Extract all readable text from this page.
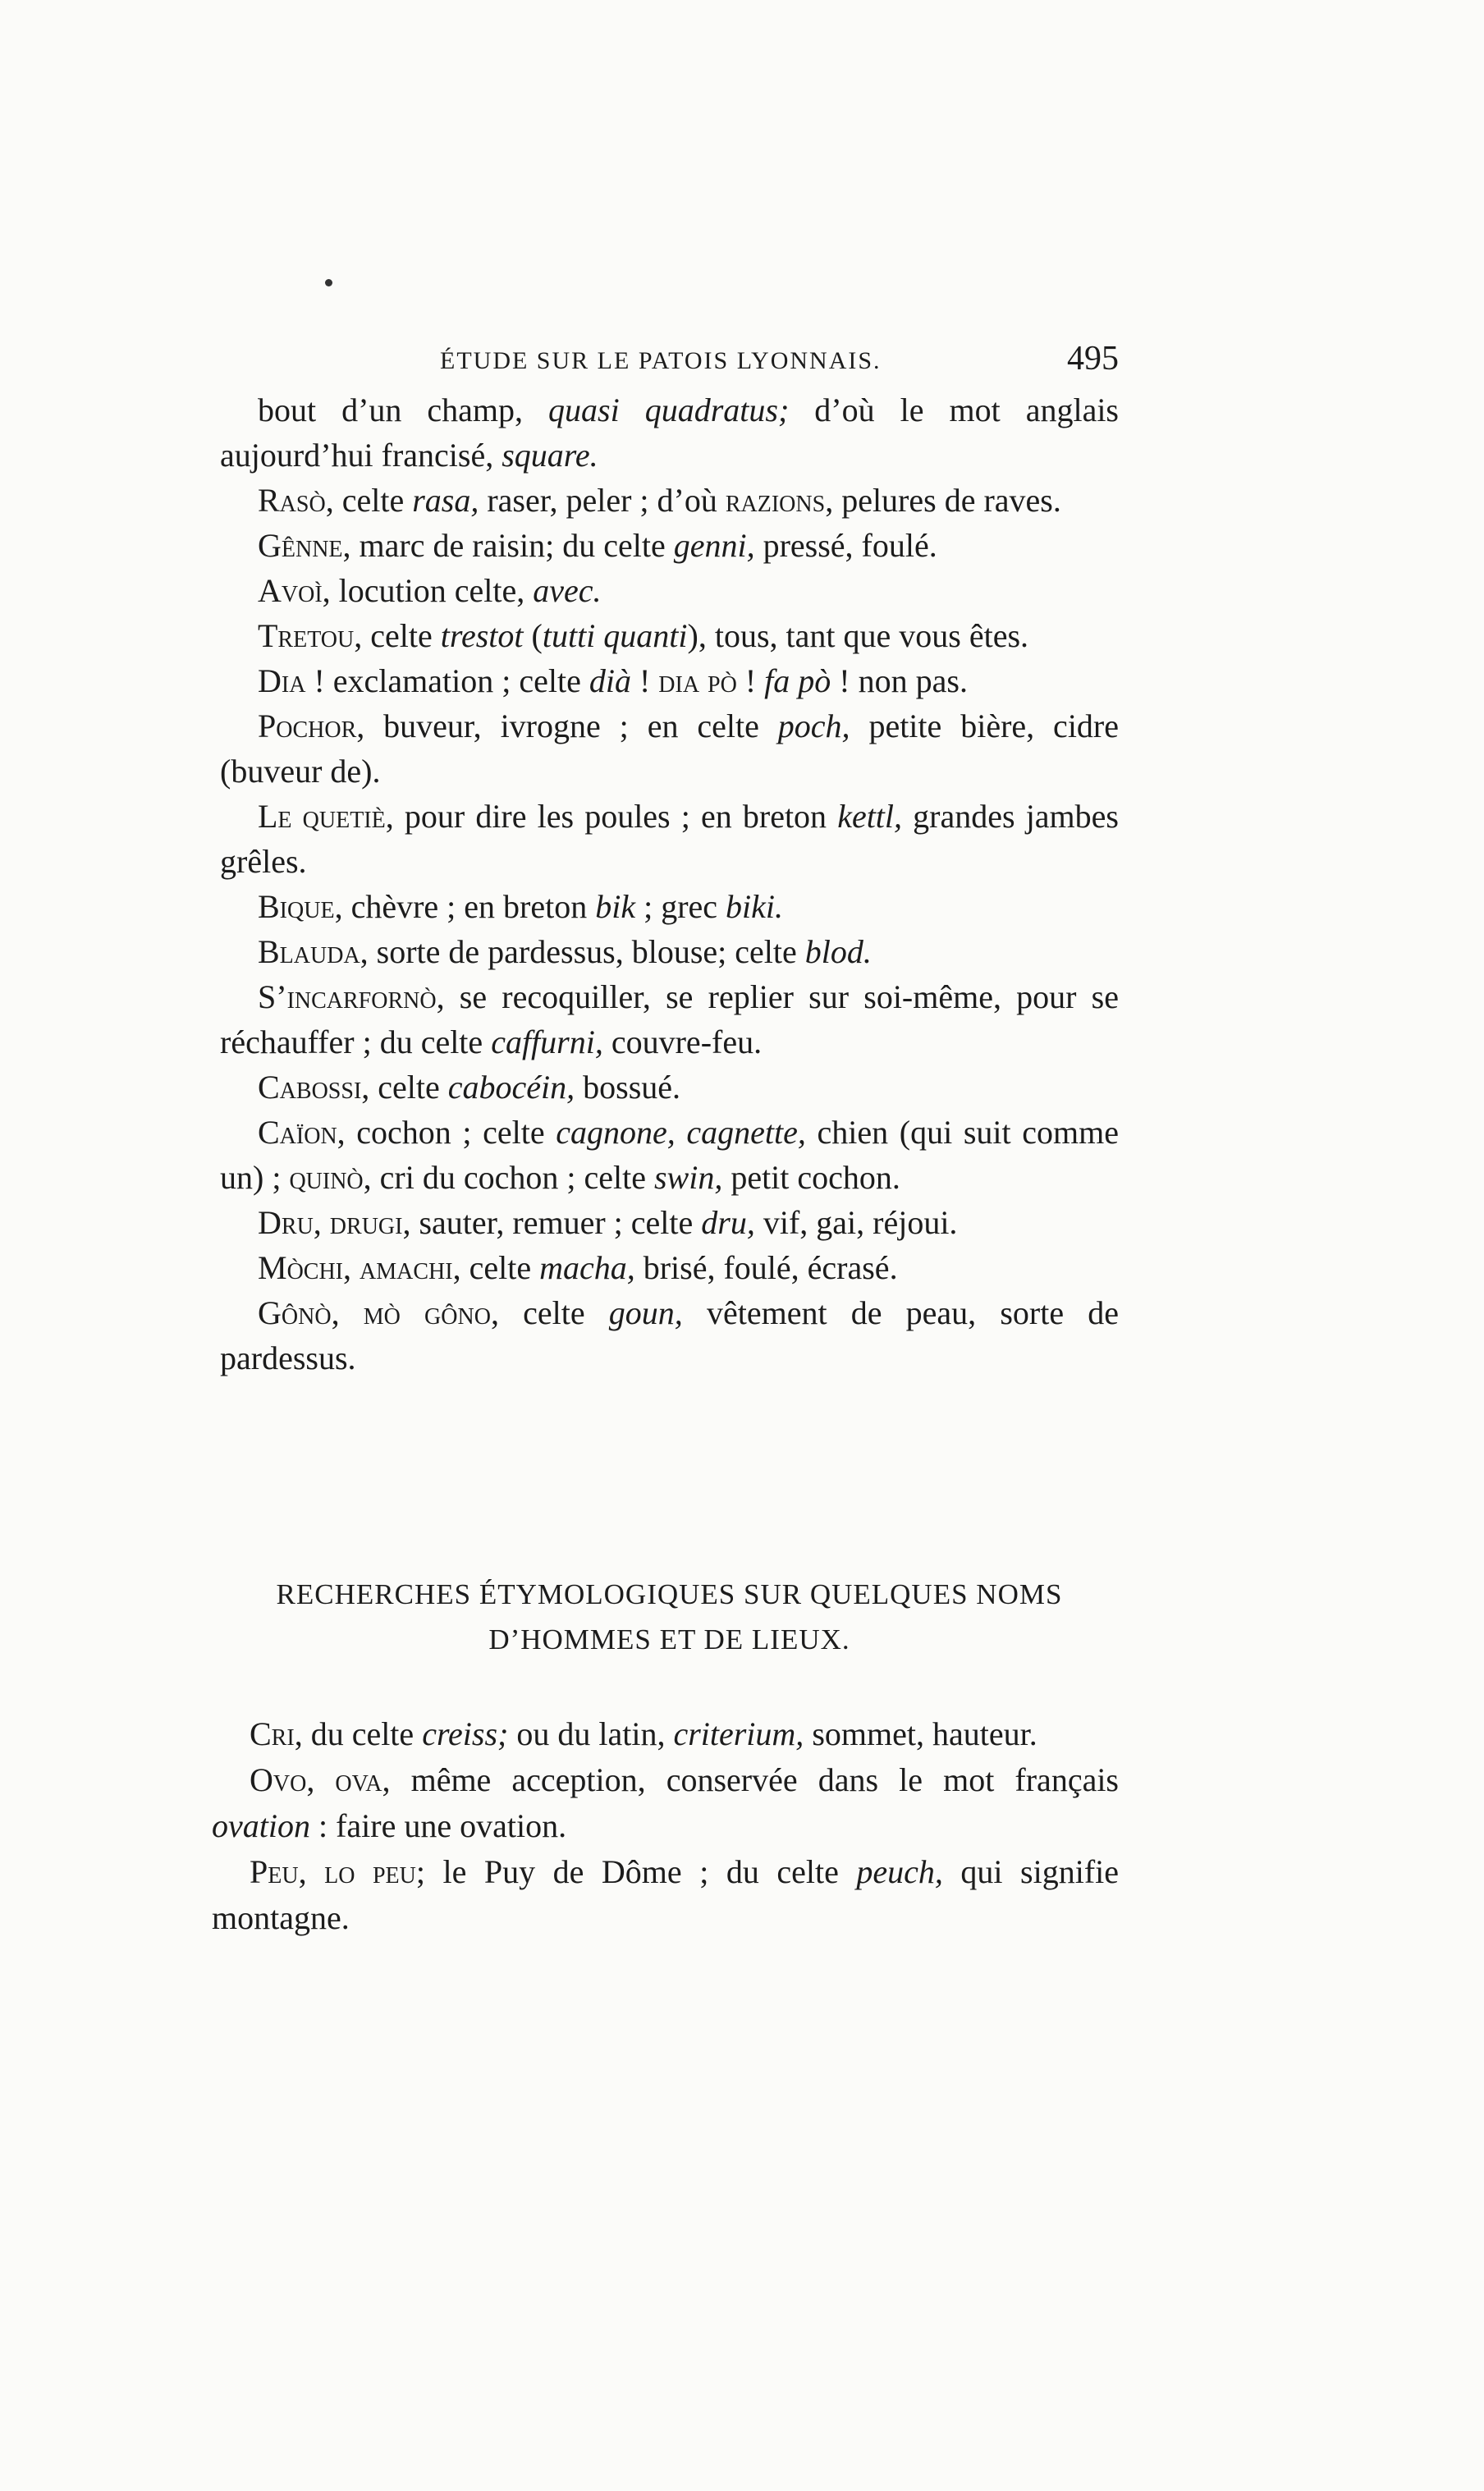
ÉTUDE SUR LE PATOIS LYONNAIS.	495

bout d’un champ, quasi quadratus; d’où le mot anglais aujourd’hui francisé, square.

Rasò, celte rasa, raser, peler ; d’où razions, pelures de raves.

Gênne, marc de raisin; du celte genni, pressé, foulé.

Avoì, locution celte, avec.

Tretou, celte trestot (tutti quanti), tous, tant que vous êtes.

Dia ! exclamation ; celte dià ! dia pò ! fa pò ! non pas.

Pochor, buveur, ivrogne ; en celte poch, petite bière, cidre (buveur de).

Le quetiè, pour dire les poules ; en breton kettl, grandes jambes grêles.

Bique, chèvre ; en breton bik ; grec biki.

Blauda, sorte de pardessus, blouse; celte blod.

S’incarfornò, se recoquiller, se replier sur soi-même, pour se réchauffer ; du celte caffurni, couvre-feu.

Cabossi, celte cabocéin, bossué.

Caïon, cochon ; celte cagnone, cagnette, chien (qui suit comme un) ; quinò, cri du cochon ; celte swin, petit cochon.

Dru, drugi, sauter, remuer ; celte dru, vif, gai, réjoui.

Mòchi, amachi, celte macha, brisé, foulé, écrasé.

Gônò, mò gôno, celte goun, vêtement de peau, sorte de pardessus.

RECHERCHES ÉTYMOLOGIQUES SUR QUELQUES NOMS
D’HOMMES ET DE LIEUX.

Cri, du celte creiss; ou du latin, criterium, sommet, hauteur.

Ovo, ova, même acception, conservée dans le mot français ovation : faire une ovation.

Peu, lo peu; le Puy de Dôme ; du celte peuch, qui signifie montagne.
